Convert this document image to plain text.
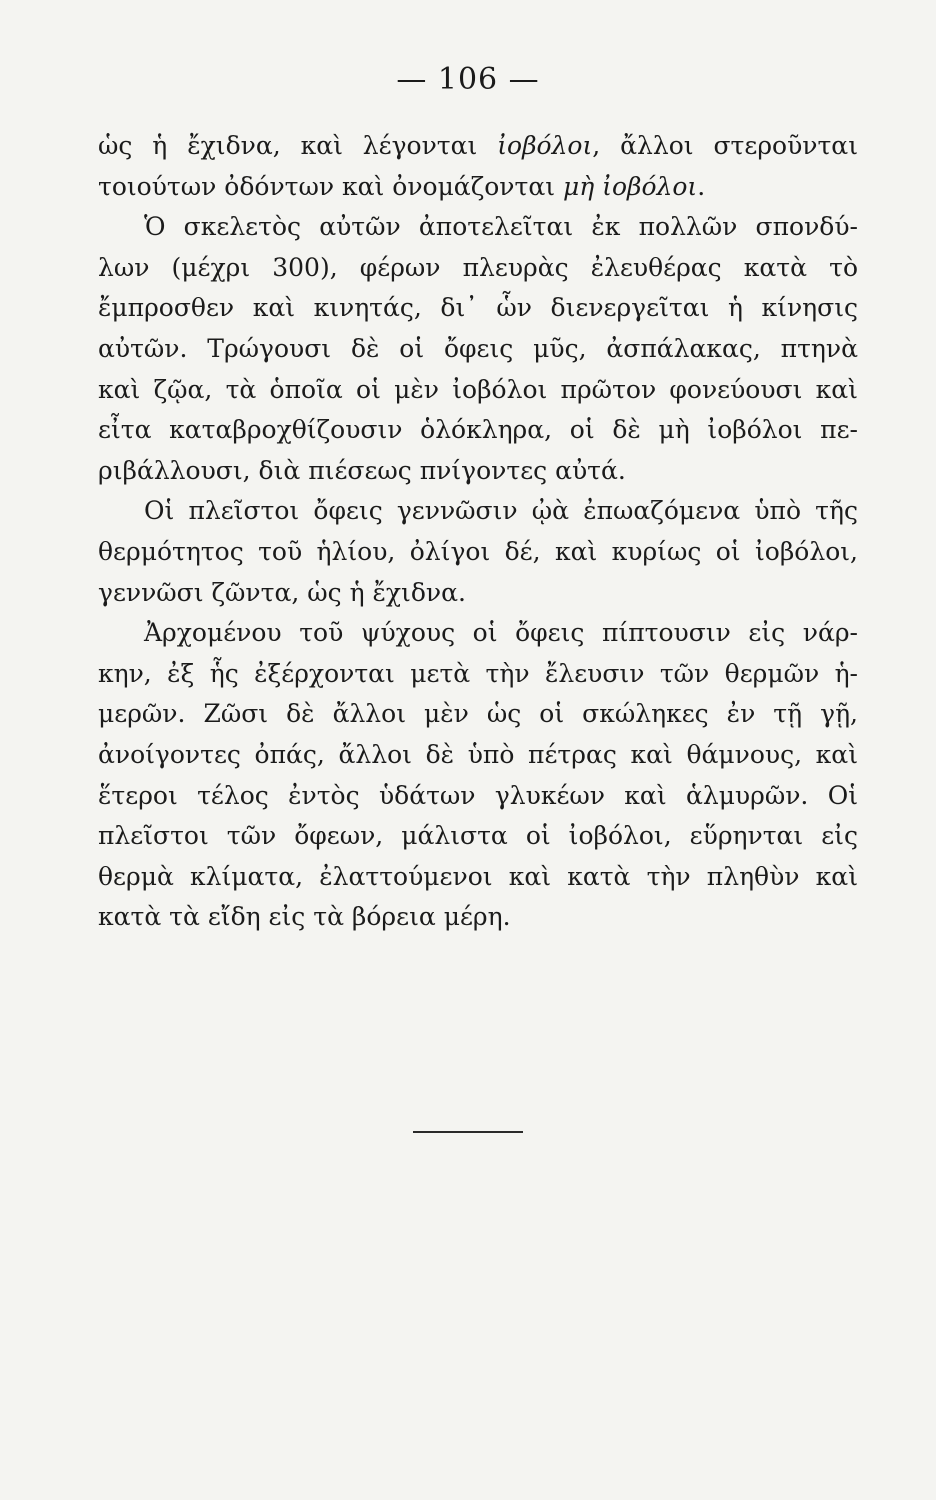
— 106 —
ὡς ἡ ἔχιδνα, καὶ λέγονται ἰοβόλοι, ἄλλοι στεροῦνται
τοιούτων ὀδόντων καὶ ὀνομάζονται μὴ ἰοβόλοι.
Ὁ σκελετὸς αὐτῶν ἀποτελεῖται ἐκ πολλῶν σπονδύ-
λων (μέχρι 300), φέρων πλευρὰς ἐλευθέρας κατὰ τὸ
ἔμπροσθεν καὶ κινητάς, δι᾽ ὧν διενεργεῖται ἡ κίνησις
αὐτῶν. Τρώγουσι δὲ οἱ ὄφεις μῦς, ἀσπάλακας, πτηνὰ
καὶ ζῷα, τὰ ὁποῖα οἱ μὲν ἰοβόλοι πρῶτον φονεύουσι καὶ
εἶτα καταβροχθίζουσιν ὁλόκληρα, οἱ δὲ μὴ ἰοβόλοι πε-
ριβάλλουσι, διὰ πιέσεως πνίγοντες αὐτά.
Οἱ πλεῖστοι ὄφεις γεννῶσιν ᾠὰ ἐπωαζόμενα ὑπὸ τῆς
θερμότητος τοῦ ἡλίου, ὀλίγοι δέ, καὶ κυρίως οἱ ἰοβόλοι,
γεννῶσι ζῶντα, ὡς ἡ ἔχιδνα.
Ἀρχομένου τοῦ ψύχους οἱ ὄφεις πίπτουσιν εἰς νάρ-
κην, ἐξ ἧς ἐξέρχονται μετὰ τὴν ἔλευσιν τῶν θερμῶν ἡ-
μερῶν. Ζῶσι δὲ ἄλλοι μὲν ὡς οἱ σκώληκες ἐν τῇ γῇ,
ἀνοίγοντες ὀπάς, ἄλλοι δὲ ὑπὸ πέτρας καὶ θάμνους, καὶ
ἕτεροι τέλος ἐντὸς ὑδάτων γλυκέων καὶ ἁλμυρῶν. Οἱ
πλεῖστοι τῶν ὄφεων, μάλιστα οἱ ἰοβόλοι, εὕρηνται εἰς
θερμὰ κλίματα, ἐλαττούμενοι καὶ κατὰ τὴν πληθὺν καὶ
κατὰ τὰ εἴδη εἰς τὰ βόρεια μέρη.
